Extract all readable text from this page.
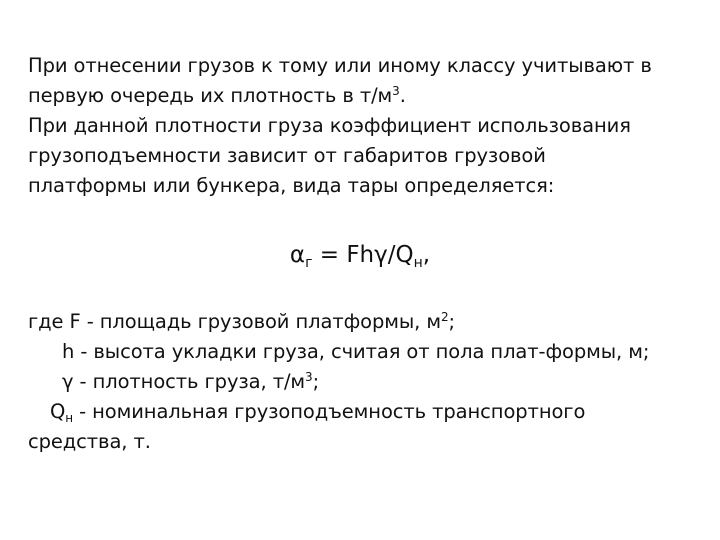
При отнесении грузов к тому или иному классу учитывают в

первую очередь их плотность в $т/м^3$.

При данной плотности груза коэффициент использования

грузоподъемности зависит от габаритов грузовой

платформы или бункера, вида тары определяется:

$\alpha_г = Fh\gamma/Q_н$,

где F - площадь грузовой платформы, $м^2$;

h - высота укладки груза, считая от пола плат-формы, м;

γ - плотность груза, $т/м^3$;

$Q_н$ - номинальная грузоподъемность транспортного

средства, т.
